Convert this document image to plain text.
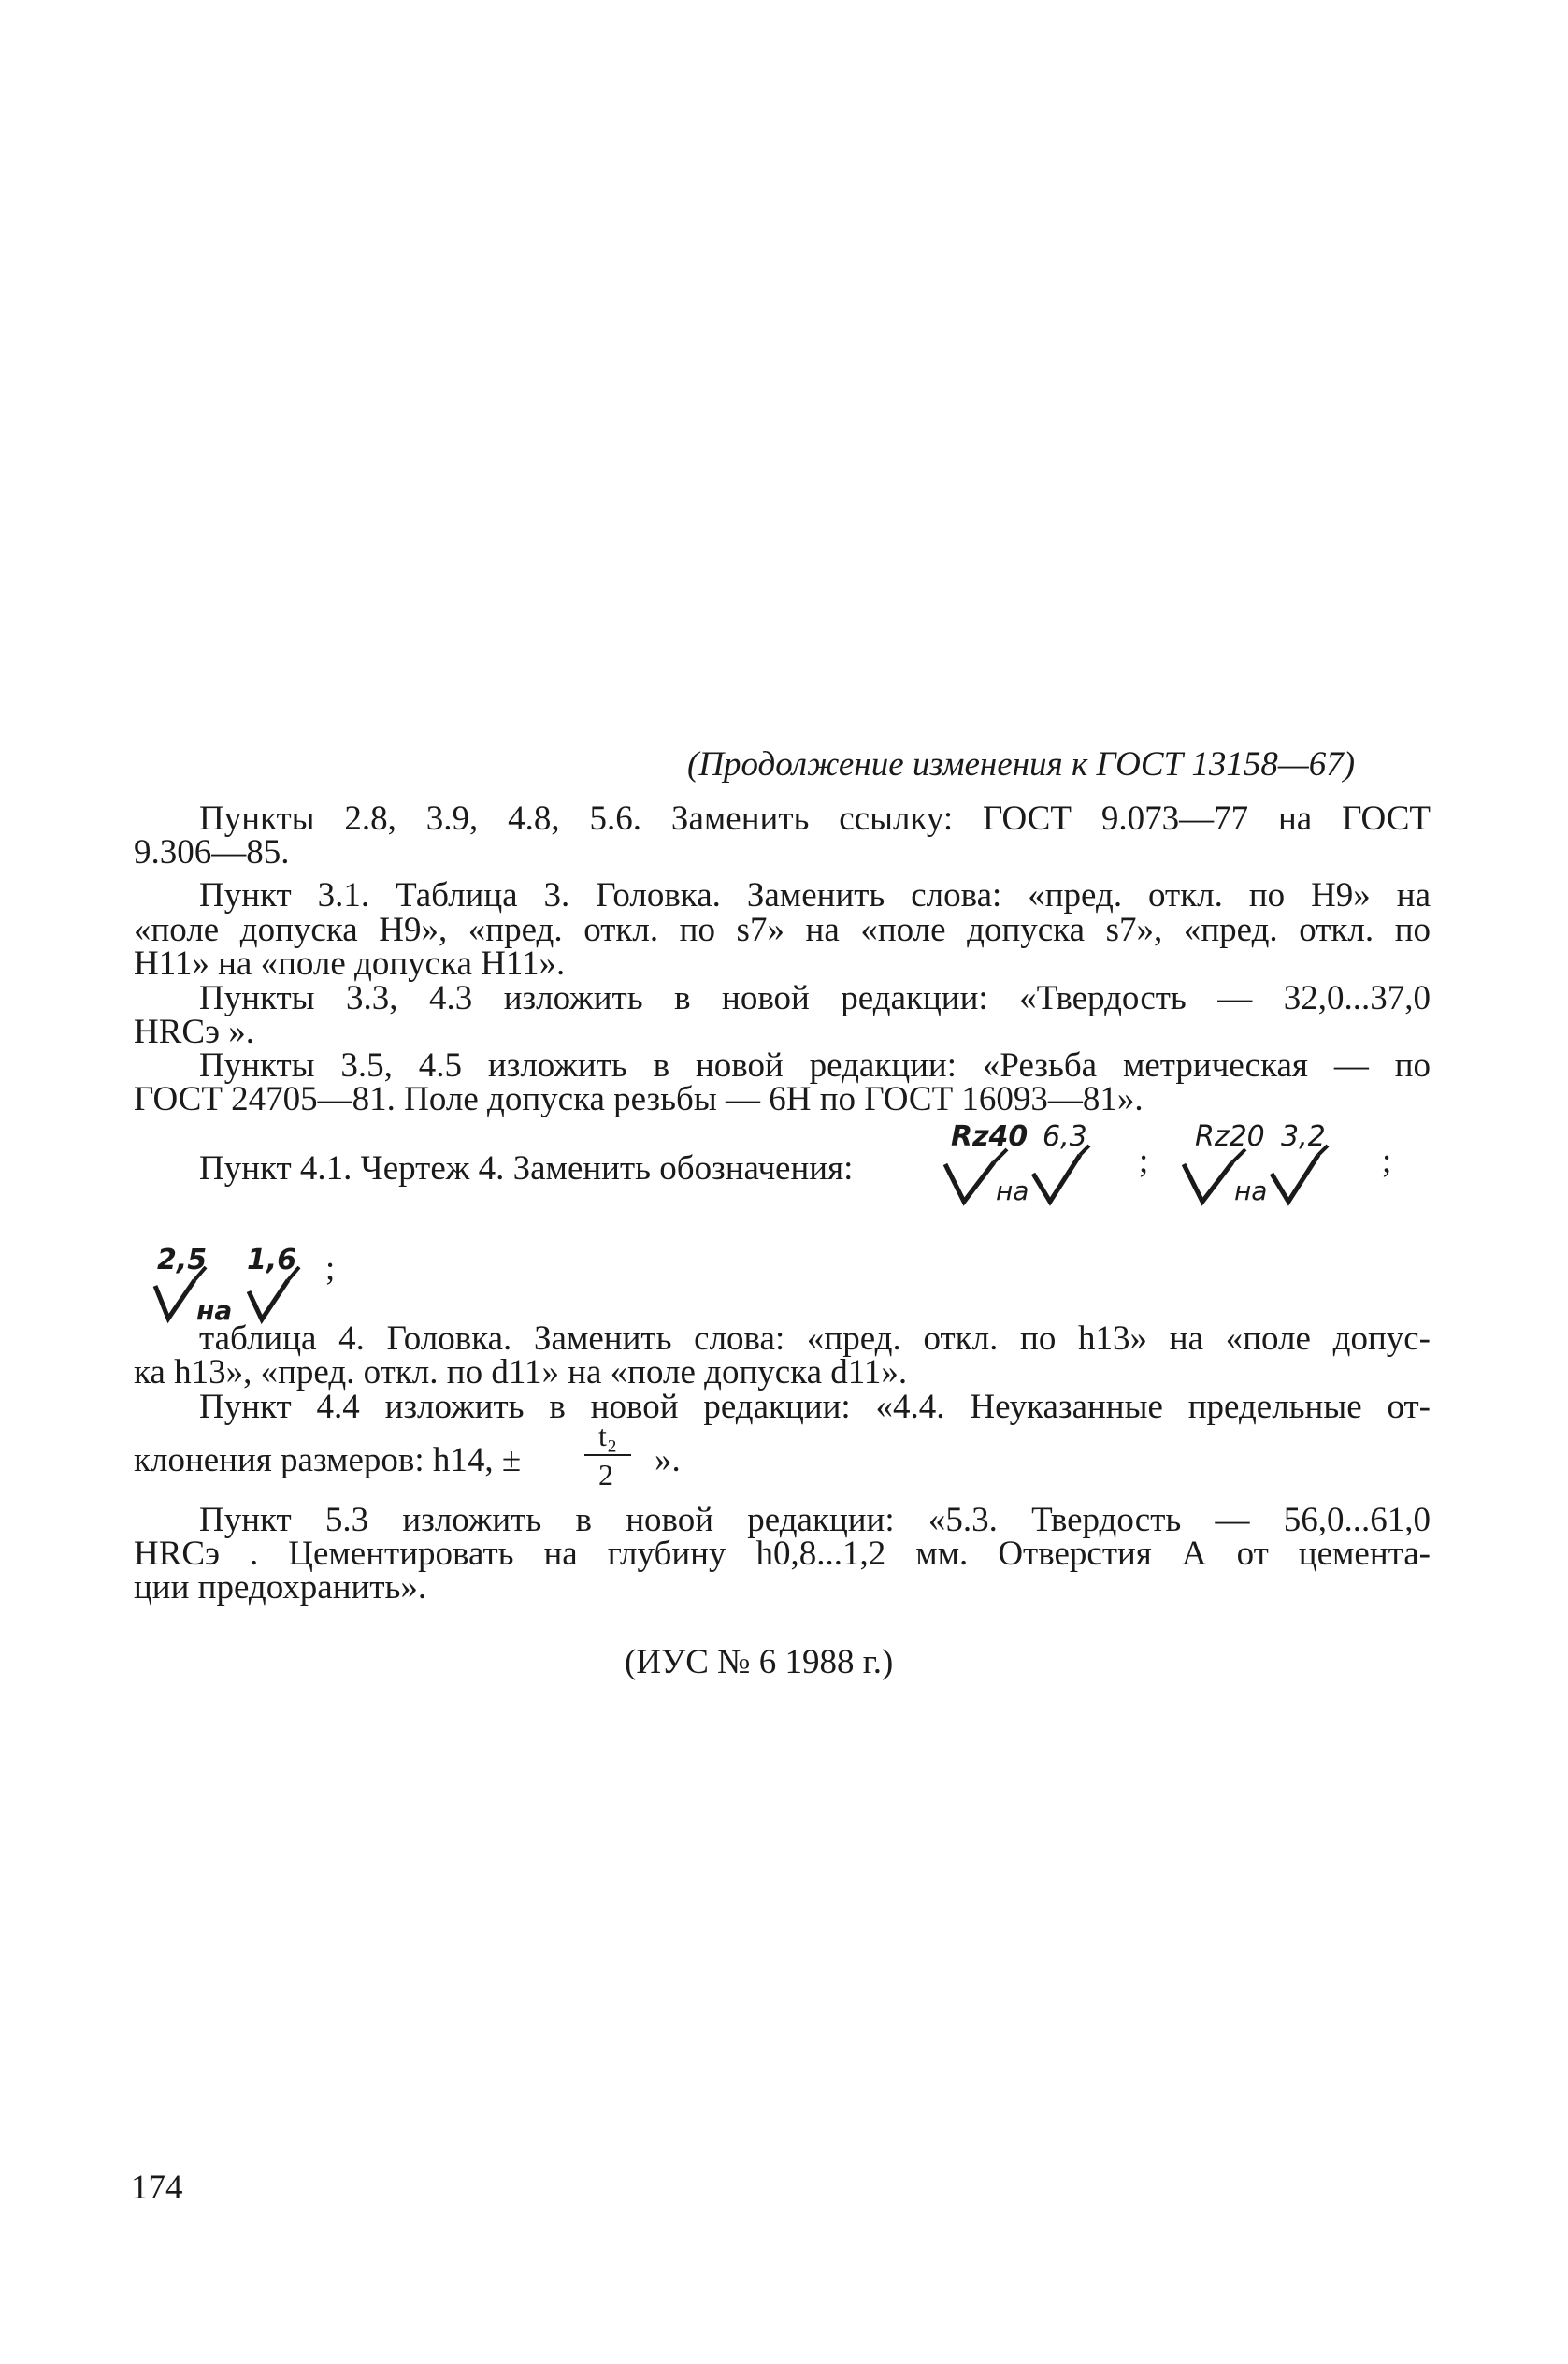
(Продолжение изменения к ГОСТ 13158—67)
Пункты 2.8, 3.9, 4.8, 5.6. Заменить ссылку: ГОСТ 9.073—77 на ГОСТ
9.306—85.
Пункт 3.1. Таблица 3. Головка. Заменить слова: «пред. откл. по H9» на
«поле допуска H9», «пред. откл. по s7» на «поле допуска s7», «пред. откл. по
H11» на «поле допуска H11».
Пункты 3.3, 4.3 изложить в новой редакции: «Твердость — 32,0...37,0
HRCэ ».
Пункты 3.5, 4.5 изложить в новой редакции: «Резьба метрическая — по
ГОСТ 24705—81. Поле допуска резьбы — 6H по ГОСТ 16093—81».
Пункт 4.1. Чертеж 4. Заменить обозначения:
Rz40 6,3
на
;
Rz20 3,2
на
;
2,5 1,6
на
;
таблица 4. Головка. Заменить слова: «пред. откл. по h13» на «поле допус-
ка h13», «пред. откл. по d11» на «поле допуска d11».
Пункт 4.4 изложить в новой редакции: «4.4. Неуказанные предельные от-
клонения размеров: h14, ±
t₂
2 ».
Пункт 5.3 изложить в новой редакции: «5.3. Твердость — 56,0...61,0
HRCэ . Цементировать на глубину h0,8...1,2 мм. Отверстия А от цемента-
ции предохранить».
(ИУС № 6 1988 г.)
174
